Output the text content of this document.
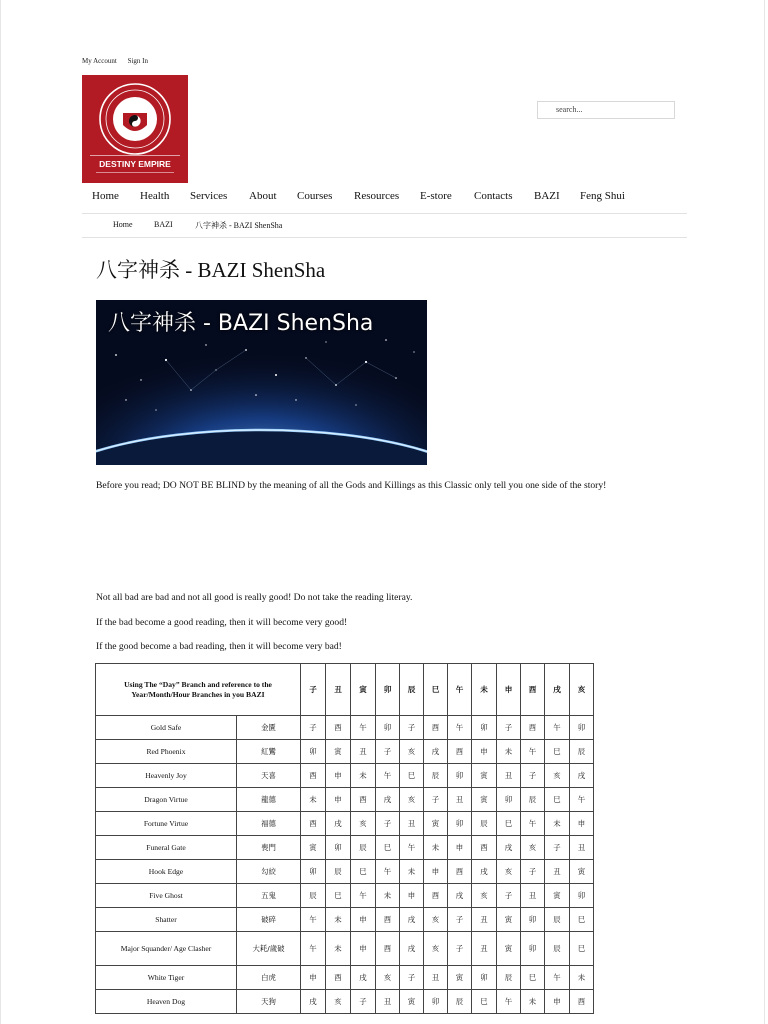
My Account Sign In
DESTINY EMPIRE
search...
Home Health Services About Courses Resources E-store Contacts BAZI Feng Shui
Home	BAZI	八字神杀 - BAZI ShenSha
八字神杀 - BAZI ShenSha
八字神杀 - BAZI ShenSha
Before you read; DO NOT BE BLIND by the meaning of all the Gods and Killings as this Classic only tell you one side of the story!
Not all bad are bad and not all good is really good! Do not take the reading literay.
If the bad become a good reading, then it will become very good!
If the good become a bad reading, then it will become very bad!
Using The “Day” Branch and reference to the Year/Month/Hour Branches in you BAZI		子	丑	寅	卯	辰	巳	午	未	申	酉	戌	亥
Gold Safe	金匱	子	酉	午	卯	子	酉	午	卯	子	酉	午	卯
Red Phoenix	紅鸞	卯	寅	丑	子	亥	戌	酉	申	未	午	巳	辰
Heavenly Joy	天喜	酉	申	未	午	巳	辰	卯	寅	丑	子	亥	戌
Dragon Virtue	龍德	未	申	酉	戌	亥	子	丑	寅	卯	辰	巳	午
Fortune Virtue	福德	酉	戌	亥	子	丑	寅	卯	辰	巳	午	未	申
Funeral Gate	喪門	寅	卯	辰	巳	午	未	申	酉	戌	亥	子	丑
Hook Edge	勾絞	卯	辰	巳	午	未	申	酉	戌	亥	子	丑	寅
Five Ghost	五鬼	辰	巳	午	未	申	酉	戌	亥	子	丑	寅	卯
Shatter	破碎	午	未	申	酉	戌	亥	子	丑	寅	卯	辰	巳
Major Squander/ Age Clasher	大耗/歲破	午	未	申	酉	戌	亥	子	丑	寅	卯	辰	巳
White Tiger	白虎	申	酉	戌	亥	子	丑	寅	卯	辰	巳	午	未
Heaven Dog	天狗	戌	亥	子	丑	寅	卯	辰	巳	午	未	申	酉
